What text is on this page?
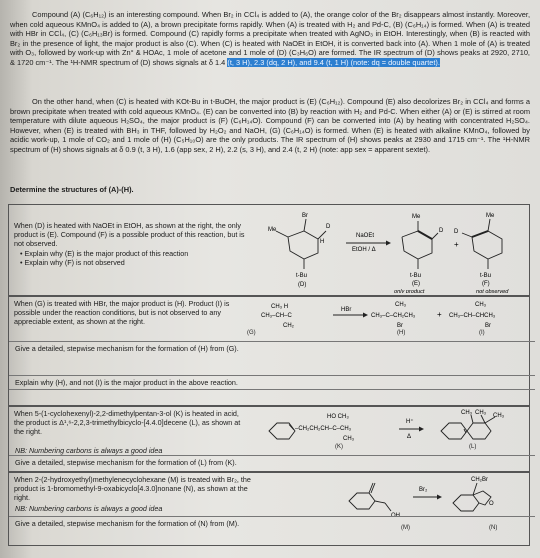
Compound (A) (C₆H₁₂) is an interesting compound. When Br₂ in CCl₄ is added to (A), the orange color of the Br₂ disappears almost instantly. Moreover, when cold aqueous KMnO₄ is added to (A), a brown precipitate forms rapidly. When (A) is treated with H₂ and Pd-C, (B) (C₆H₁₄) is formed. When (A) is treated with HBr in CCl₄, (C) (C₆H₁₃Br) is formed. Compound (C) rapidly forms a precipitate when treated with AgNO₃ in EtOH. Interestingly, when (B) is reacted with Br₂ in the presence of light, the major product is also (C). When (C) is heated with NaOEt in EtOH, it is converted back into (A). When 1 mole of (A) is treated with O₃, followed by work-up with Zn° & HOAc, 1 mole of acetone and 1 mole of (D) (C₃H₆O) are formed. The IR spectrum of (D) shows peaks at 2920, 2710, & 1720 cm⁻¹. The ¹H-NMR spectrum of (D) shows signals at δ 1.4 (t, 3 H), 2.3 (dq, 2 H), and 9.4 (t, 1 H) (note: dq = double quartet).

On the other hand, when (C) is heated with KOt-Bu in t-BuOH, the major product is (E) (C₆H₁₂). Compound (E) also decolorizes Br₂ in CCl₄ and forms a brown precipitate when treated with cold aqueous KMnO₄. (E) can be converted into (B) by reaction with H₂ and Pd-C. When either (A) or (E) is stirred at room temperature with dilute aqueous H₂SO₄, the major product is (F) (C₆H₁₄O). Compound (F) can be converted into (A) by heating with concentrated H₂SO₄. However, when (E) is treated with BH₃ in THF, followed by H₂O₂ and NaOH, (G) (C₆H₁₄O) is formed. When (E) is heated with alkaline KMnO₄, followed by acidic work-up, 1 mole of CO₂ and 1 mole of (H) (C₅H₁₀O) are the only products. The IR spectrum of (H) shows peaks at 2930 and 1715 cm⁻¹. The ¹H-NMR spectrum of (H) shows signals at δ 0.9 (t, 3 H), 1.6 (app sex, 2 H), 2.2 (s, 3 H), and 2.4 (t, 2 H) (note: app sex = apparent sextet).

Determine the structures of (A)-(H).

When (D) is heated with NaOEt in EtOH, as shown at the right, the only product is (E). Compound (F) is a possible product of this reaction, but is not observed.
• Explain why (E) is the major product of this reaction
• Explain why (F) is not observed
Me
Br
D
H
t-Bu
(D)
NaOEt
EtOH / Δ
Me
D
t-Bu
(E)
only product
+
Me
D
t-Bu
(F)
not observed
When (G) is treated with HBr, the major product is (H). Product (I) is possible under the reaction conditions, but is not observed to any appreciable extent, as shown at the right.
CH₃ H
CH₃–CH–C
CH₂
HBr
CH₃
CH₃–C–CH₂CH₃
Br
+
CH₃
CH₃–CH–CHCH₃
Br
(G)	(H)	(I)
Give a detailed, stepwise mechanism for the formation of (H) from (G).
Explain why (H), and not (I) is the major product in the above reaction.
When 5-(1-cyclohexenyl)-2,2-dimethylpentan-3-ol (K) is heated in acid, the product is Δ¹,⁶-2,2,3-trimethylbicyclo-[4.4.0]decene (L), as shown at the right.
HO CH₃
–CH₂CH₂CH–C–CH₃
CH₃
H⁺
Δ
CH₃ CH₃ CH₃
(K)	(L)
NB: Numbering carbons is always a good idea
Give a detailed, stepwise mechanism for the formation of (L) from (K).
When 2-(2-hydroxyethyl)methylenecyclohexane (M) is treated with Br₂, the product is 1-bromomethyl-9-oxabicyclo[4.3.0]nonane (N), as shown at the right.
OH
Br₂
CH₂Br
O
(M)	(N)
NB: Numbering carbons is always a good idea
Give a detailed, stepwise mechanism for the formation of (N) from (M).
